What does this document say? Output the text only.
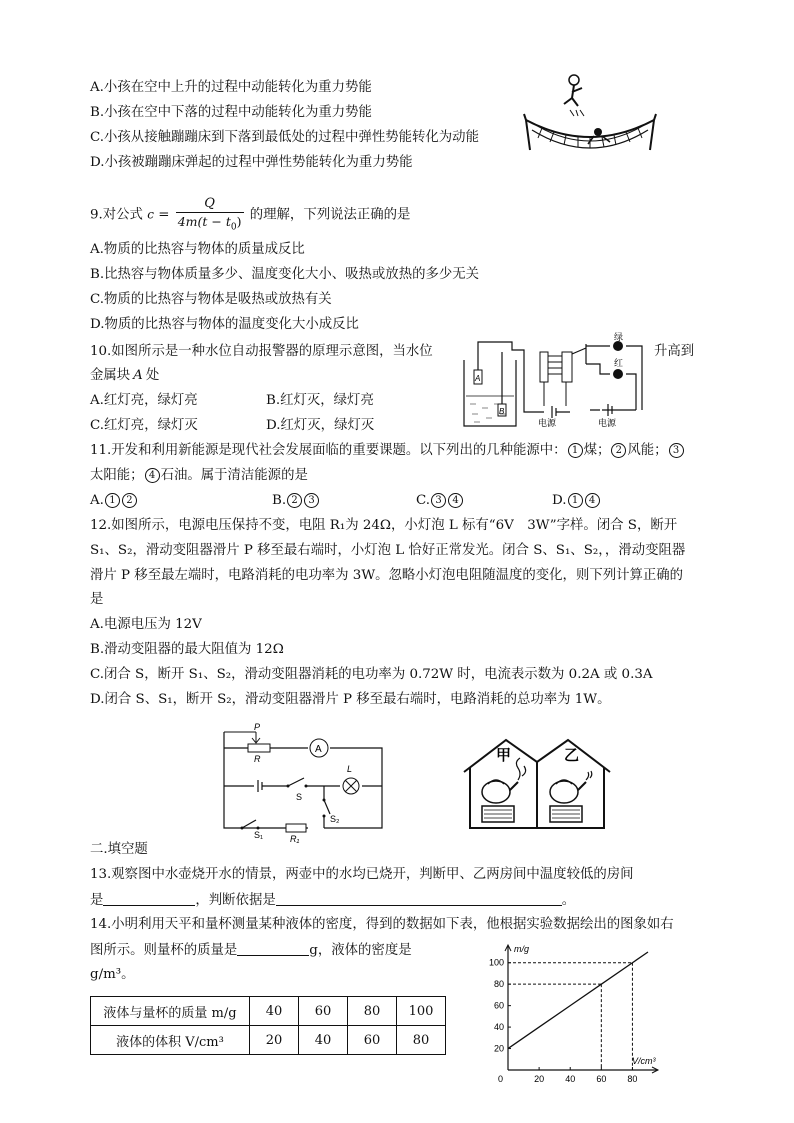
A.小孩在空中上升的过程中动能转化为重力势能
B.小孩在空中下落的过程中动能转化为重力势能
C.小孩从接触蹦蹦床到下落到最低处的过程中弹性势能转化为动能
D.小孩被蹦蹦床弹起的过程中弹性势能转化为重力势能
9.对公式 $c = \frac{Q}{4m(t - t_0)}$ 的理解，下列说法正确的是
A.物质的比热容与物体的质量成反比
B.比热容与物体质量多少、温度变化大小、吸热或放热的多少无关
C.物质的比热容与物体是吸热或放热有关
D.物质的比热容与物体的温度变化大小成反比
10.如图所示是一种水位自动报警器的原理示意图，当水位	升高到
金属块 A 处
A.红灯亮，绿灯亮	B.红灯灭，绿灯亮
C.红灯亮，绿灯灭	D.红灯灭，绿灯灭
A
B
绿
红
电源	电源
11.开发和利用新能源是现代社会发展面临的重要课题。以下列出的几种能源中： 1 煤； 2 风能； 3
太阳能； 4 石油。属于清洁能源的是
A. 1 2	B. 2 3	C. 3 4	D. 1 4
12.如图所示，电源电压保持不变，电阻 R₁为 24Ω，小灯泡 L 标有“6V　3W”字样。闭合 S，断开
S₁、S₂，滑动变阻器滑片 P 移至最右端时，小灯泡 L 恰好正常发光。闭合 S、S₁、S₂，，滑动变阻器
滑片 P 移至最左端时，电路消耗的电功率为 3W。忽略小灯泡电阻随温度的变化，则下列计算正确的
是
A.电源电压为 12V
B.滑动变阻器的最大阻值为 12Ω
C.闭合 S，断开 S₁、S₂，滑动变阻器消耗的电功率为 0.72W 时，电流表示数为 0.2A 或 0.3A
D.闭合 S、S₁，断开 S₂，滑动变阻器滑片 P 移至最右端时，电路消耗的总功率为 1W。
P
R
A
S
L
S₂
S₁	R₁
甲	乙
二.填空题
13.观察图中水壶烧开水的情景，两壶中的水均已烧开，判断甲、乙两房间中温度较低的房间
是	，判断依据是	。
14.小明利用天平和量杯测量某种液体的密度，得到的数据如下表，他根据实验数据绘出的图象如右
图所示。则量杯的质量是	g，液体的密度是
g/m³。
液体与量杯的质量 m/g	40	60	80	100
液体的体积 V/cm³	20	40	60	80
m/g
V/cm³
0	20 40 60 80
20
40
60
80
100
